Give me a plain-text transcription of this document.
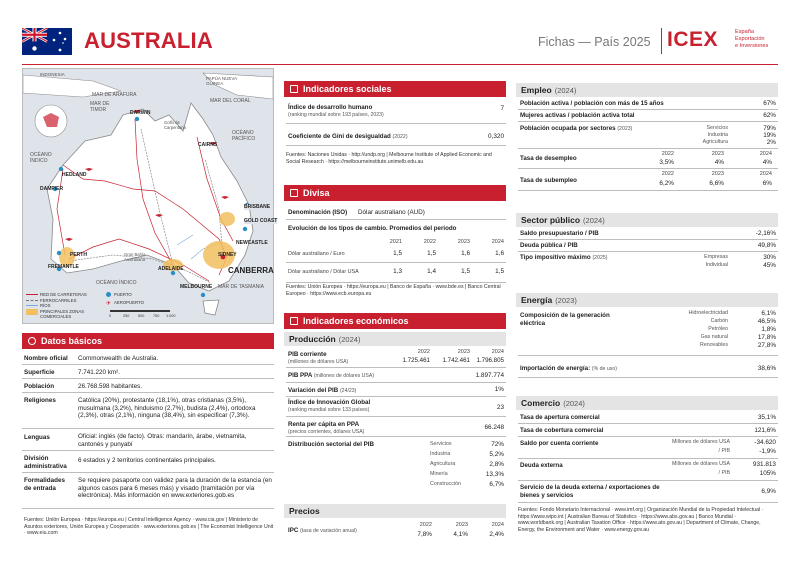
AUSTRALIA	Fichas — País 2025 ICEX	España
Exportación
e Inversiones
MAR DE ARAFURA
MAR DE TIMOR
MAR DEL CORAL
Golfo de Carpentaria
OCÉANO PACÍFICO
OCÉANO ÍNDICO
OCÉANO ÍNDICO
MAR DE TASMANIA
Gran Bahía Australiana
INDONESIA
PAPÚA NUEVA GUINEA
DARWIN
CAIRNS
HEDLAND
DAMPIER
BRISBANE
GOLD COAST
NEWCASTLE
SIDNEY
CANBERRA
PERTH
FREMANTLE	ADELAIDE
MELBOURNE
RED DE CARRETERAS
FERROCARRILES
RÍOS
PRINCIPALES ZONAS COMERCIALES
PUERTO
✈ AEROPUERTO
0	250 500 750 1.000
Datos básicos
Nombre oficial Commonwealth de Australia.
Superficie	7.741.220 km².
Población	26.768.598 habitantes.
Religiones	Católica (20%), protestante (18,1%), otras cristianas (3,5%), musulmana (3,2%), hinduismo (2,7%), budista (2,4%), ortodoxa (2,3%), otras (2,1%), ninguna (38,4%), sin especificar (7,3%).
Lenguas	Oficial: inglés (de facto). Otras: mandarín, árabe, vietnamita, cantonés y punyabí
División administrativa
6 estados y 2 territorios continentales principales.
Formalidades de entrada
Se requiere pasaporte con validez para la duración de la estancia (en algunos casos para 6 meses más) y visado (tramitación por vía electrónica). Más información en www.exteriores.gob.es
Fuentes: Unión Europea · https://europa.eu | Central Intelligence Agency · www.cia.gov | Ministerio de Asuntos exteriores, Unión Europea y Cooperación · www.exteriores.gob.es | The Economist Intelligence Unit · www.eiu.com
Indicadores sociales
Índice de desarrollo humano
(ranking mundial sobre 193 países, 2023)
7
Coeficiente de Gini de desigualdad (2022)	0,320
Fuentes: Naciones Unidas · http://undp.org | Melbourne Institute of Applied Economic and Social Research · https://melbourneinstitute.unimelb.edu.au
Divisa
Denominación (ISO) Dólar australiano (AUD)
Evolución de los tipos de cambio. Promedios del periodo
2021	2022	2023	2024
Dólar australiano / Euro	1,5	1,5	1,6	1,6
Dólar australiano / Dólar USA	1,3	1,4	1,5	1,5
Fuentes: Unión Europea · https://europa.eu | Banco de España · www.bde.es | Banco Central Europeo · https://www.ecb.europa.eu
Indicadores económicos
Producción (2024)
2022	2023	2024
PIB corriente
(millones de dólares USA)	1.725.461	1.742.461	1.796.805
PIB PPA (millones de dólares USA)	1.897.774
Variación del PIB (24/23)	1%
Índice de Innovación Global
(ranking mundial sobre 133 países)	23
Renta per cápita en PPA
(precios corrientes, dólares USA)
66.248
Distribución sectorial del PIB	Servicios	72%
Industria	5,2%
Agricultura	2,8%
Minería	13,3%
Construcción	6,7%
Precios
2022	2023	2024
IPC (tasa de variación anual)	7,8%	4,1%	2,4%
Empleo (2024)
Población activa / población con más de 15 años	67%
Mujeres activas / población activa total	62%
Población ocupada por sectores (2023)	Servicios	79%
Industria	19%
Agricultura	2%
2022	2023	2024
Tasa de desempleo
3,5%	4%	4%
2022	2023	2024
Tasa de subempleo	6,2%	6,6%	6%
Sector público (2024)
Saldo presupuestario / PIB	-2,16%
Deuda pública / PIB	49,8%
Tipo impositivo máximo (2025)	Empresas	30%
Individual	45%
Energía (2023)
Composición de la generación eléctrica
Hidroelectricidad	6,1%
Carbón	46,5%
Petróleo	1,8%
Gas natural	17,8%
Renovables	27,8%
Importación de energía: (% de uso)	38,6%
Comercio (2024)
Tasa de apertura comercial	35,1%
Tasa de cobertura comercial	121,6%
Saldo por cuenta corriente	Millones de dólares USA	-34.620
/ PIB	-1,9%
Deuda externa	Millones de dólares USA	931.813
/ PIB	105%
Servicio de la deuda externa / exportaciones de bienes y servicios	6,9%
Fuentes: Fondo Monetario Internacional · www.imf.org | Organización Mundial de la Propiedad Intelectual · https://www.wipo.int | Australian Bureau of Statistics · https://www.abs.gov.au | Banco Mundial · www.worldbank.org | Australian Taxation Office · https://www.ato.gov.au | Department of Climate, Change, Energy, the Environment and Water · www.energy.gov.au
